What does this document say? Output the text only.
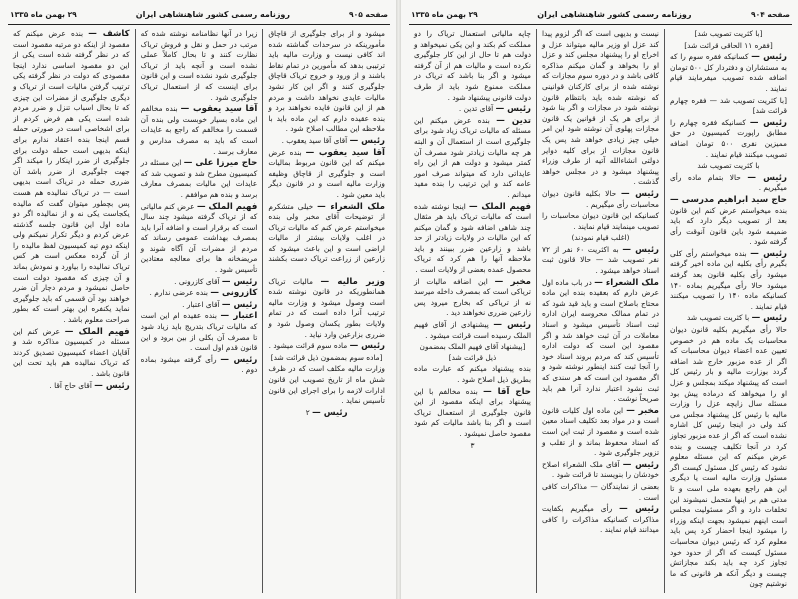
صفحه ۹۰۴
روزنامه رسمی کشور شاهنشاهی ایران
۲۹ بهمن ماه ۱۳۳۵
[با کثریت تصویب شد]
[فقره ۱۱ الحاقی قرائت شد]
رئیس — کسانیکه فقره سوم را که به مستشاران و دفتردار کل ۵۰۰ تومان اضافه شده تصویب میفرمایند قیام نمایند .
[با کثریت تصویب شد — فقره چهارم قرائت شد]
رئیس — کسانیکه فقره چهارم را مطابق راپورت کمیسیون در حق ممیزین نفری ۵۰۰ تومان اضافه تصویب میکنند قیام نمایند .
با کثریت تصویب شد
رئیس — حالا بتمام ماده رأی میگیریم .
حاج سید ابراهیم مدرسی — بنده میخواستم عرض کنم این قانون بعد از تصویب دیگر دارد که باید ضمیمه شود باین قانون آنوقت رأی گرفته شود .
رئیس — بنده میخواستم رأی کلی بگیرم رأی بکلیه این ماده اخیر گرفته میشود رأی بکلیه قانون بعد گرفته میشود حالا رأی میگیریم بماده ۱۴۰ کسانیکه ماده ۱۴۰ را تصویب میکنند قیام نمایند .
رئیس — با کثریت تصویب شد
حالا رأی میگیریم بکلیه قانون دیوان محاسبات یک ماده هم در خصوص تعیین عده اعضاء دیوان محاسبات که اگر از عده مزبور خارج شد اضافه گردد بوزارت مالیه و بار رئیس کل است که پیشنهاد میکند بمجلس و عزل او را میخواهد که درماده پیش بود مسئله سال زایچه عزل را وزارت مالیه با رئیس کل پیشنهاد مجلس می کند ولی در اینجا رئیس کل اشاره نشده است که اگر از عده مزبور تجاوز کرد در آنجا تکلیف چیست و بنده عرض میکنم که این مسئله معلوم نشود که رئیس کل مسئول کیست اگر مسئول وزارت مالیه است یا دیگری این هم راجع بعهده ملی است و تا مدتی هم بر اینها متحمل نمیشوند این تخلفات دارد و اگر مسئولیت مجلس است اینهم نمیشود بجهت اینکه وزراء را میشود اینجا احضار کرد پس باید معلوم کرد که رئیس دیوان محاسبات مسئول کیست که اگر از حدود خود تجاوز کرد چه باید بکند مجازاتش چیست و دیگر آنکه هر قانونی که ما نوشتیم چون
نیست و بدیهی است که اگر لزوم پیدا کند عزل او وزیر مالیه میتواند عزل و اخراج او را پیشنهاد مجلس کند و عزل او را بخواهد و گمان میکنم مذاکره کافی باشد و در دوره سوم مجازات که نوشته شده از برای کارکنان قوانینی که نوشته شده باید بانتظام قانون نوشته شود در مجازات و اگر بنا شود از برای هر یک از قوانین یک قانون مجازات پهلوی آن نوشته شود این امر خیلی چیز زیادی خواهد شد پس یک قانون مجازات از برای کلیه دوایر دولتی انشاءالله آتیه از طرف وزراء پیشنهاد میشود و در مجلس خواهد گذشت .
رئیس — حالا بکلیه قانون دیوان محاسبات رأی میگیریم .
کسانیکه این قانون دیوان محاسبات را تصویب مینمایند قیام نمایند .
(اغلب قیام نمودند)
رئیس — به اکثریت ۶۰ نفر از ۷۲ نفر تصویب شد — حالا قانون ثبت اسناد خواهد میشود .
ملک الشعراء — در باب ماده اول عرض دارم که بعقیده بنده این ماده محتاج باصلاح است و باید قید شود که در تمام ممالک محروسه ایران اداره ثبت اسناد تأسیس میشود و اسناد معاملات در آن ثبت خواهد شد و اگر مقصود این است که دولت اداره تأسیس کند که مردم بروند اسناد خود را آنجا ثبت کنند اینطور نوشته شود و اگر مقصود این است که هر سندی که ثبت نشود اعتبار ندارد آنرا هم باید صریحاً نوشت .
مخبر — این ماده اول کلیات قانون است و در مواد بعد تکلیف اسناد معین شده است و مقصود از ثبت این است که اسناد محفوظ بماند و از تقلب و تزویر جلوگیری شود .
رئیس — آقای ملک الشعراء اصلاح خودشان را بنویسند تا قرائت شود .
بعضی از نمایندگان — مذاکرات کافی است .
رئیس — رأی میگیریم بکفایت مذاکرات کسانیکه مذاکرات را کافی میدانند قیام نمایند .
چاپه مالیاتی استعمال تریاک را دو مملکت کم بکند و این یکی نمیخواهد و دولت هم تا حال از این کار جلوگیری نکرده است و مالیات هم از آن گرفته میشود و اگر بنا باشد که تریاک در مملکت ممنوع شود باید از طرف دولت قانونی پیشنهاد شود .
رئیس — آقای تدین .
تدین — بنده عرض میکنم این مسئله که مالیات تریاک زیاد شود برای جلوگیری است از استعمال آن و البته هر چه مالیات زیادتر شود مصرف آن کمتر میشود و دولت هم از این راه عایداتی دارد که میتواند صرف امور عامه کند و این ترتیب را بنده مفید میدانم .
فهیم الملک — اینجا نوشته شده است که مالیات تریاک باید هر مثقال چند شاهی اضافه شود و گمان میکنم که این مالیات در ولایات زیادتر از حد باشد و زارعین ضرر ببینند و باید ملاحظه آنها را هم کرد که تریاک محصول عمده بعضی از ولایات است .
مخبر — این اضافه مالیات از تریاکی است که بمصرف داخله میرسد نه از تریاکی که بخارج میرود پس زارعین ضرری نخواهند دید .
رئیس — پیشنهادی از آقای فهیم الملک رسیده است قرائت میشود .
[پیشنهاد آقای فهیم الملک بمضمون ذیل قرائت شد]
بنده پیشنهاد میکنم که عبارت ماده بطریق ذیل اصلاح شود .
حاج آقا — بنده مخالفم با این پیشنهاد برای اینکه مقصود از این قانون جلوگیری از استعمال تریاک است و اگر بنا باشد مالیات کم شود مقصود حاصل نمیشود .
۳
صفحه ۹۰۵
روزنامه رسمی کشور شاهنشاهی ایران
۲۹ بهمن ماه ۱۳۳۵
میشود و از برای جلوگیری از قاچاق مأمورینکه در سرحدات گماشته شده اند کافی نیست و وزارت مالیه باید ترتیبی بدهد که مأمورین در تمام نقاط باشند و از ورود و خروج تریاک قاچاق جلوگیری کنند و اگر این کار نشود مالیات عایدی نخواهد داشت و مردم هم از این قانون فایده نخواهند برد و بنده عقیده دارم که این ماده باید با ملاحظه این مطالب اصلاح شود .
رئیس — آقای آقا سید یعقوب .
آقا سید یعقوب — بنده عرض میکنم که این قانون مربوط بمالیات است و جلوگیری از قاچاق وظیفه وزارت مالیه است و در قانون دیگر باید معین شود .
ملک الشعراء — خیلی متشکرم از توضیحات آقای مخبر ولی بنده میخواستم عرض کنم که مالیات تریاک در اغلب ولایات بیشتر از مالیات اراضی است و این باعث میشود که زارعین از زراعت تریاک دست بکشند .
وزیر مالیه — مالیات تریاک همانطوریکه در قانون نوشته شده است وصول میشود و وزارت مالیه ترتیب آنرا داده است که در تمام ولایات بطور یکسان وصول شود و ضرری بزارعین وارد نیاید .
رئیس — ماده سوم قرائت میشود .
[ماده سوم بمضمون ذیل قرائت شد]
وزارت مالیه مکلف است که در ظرف شش ماه از تاریخ تصویب این قانون ادارات لازمه را برای اجرای این قانون تأسیس نماید .
رئیس — ۲
زیرا در آنها نظامنامه نوشته شده که مرتب در حمل و نقل و فروش تریاک نظارت کنند و تا بحال کاملاً عملی نشده است و آنچه باید از تریاک جلوگیری شود نشده است و این قانون برای اینست که از استعمال تریاک جلوگیری شود .
آقا سید یعقوب — بنده مخالفم این ماده بسیار خوبست ولی بنده آن قسمت را مخالفم که راجع به عایدات است که باید به مصرف مدارس و معارف برسد .
حاج میرزا علی — این مسئله در کمیسیون مطرح شد و تصویب شد که عایدات این مالیات بمصرف معارف برسد و بنده هم موافقم .
فهیم الملک — عرض کنم مالیاتی که از تریاک گرفته میشود چند سال است که برقرار است و اضافه آنرا باید بمصرف بهداشت عمومی رساند که مردم از مضرات آن آگاه شوند و مریضخانه ها برای معالجه معتادین تأسیس شود .
رئیس — آقای کازرونی .
کازرونی — بنده عرضی ندارم .
رئیس — آقای اعتبار .
اعتبار — بنده عقیده ام این است که مالیات تریاک بتدریج باید زیاد شود تا مصرف آن بکلی از بین برود و این قانون قدم اول است .
رئیس — رأی گرفته میشود بماده دوم .
کاشف — بنده عرض میکنم که مقصود از اینکه دو مرتبه مقصود است که در نظر گرفته شده است یکی از این دو مقصود اساسی ندارد اینجا مقصودی که دولت در نظر گرفته یکی ترتیب گرفتن مالیات است از تریاک و دیگری جلوگیری از مضرات این چیزی که تا بحال اسباب تنزل و ضرر مردم شده است یکی هم فرض کردم از برای اشخاصی است در صورتی حمله قسم اینجا بنده اعتقاد ندارم برای اینکه بدیهی است حمله دولت برای جلوگیری از ضرر اینکار را میکند اگر جهت جلوگیری از ضرر باشد آن ضرری حمله در تریاک است بدیهی است — در تریاک نمالیده هم هست پس بچطور میتوان گفت که مالیده یکجاست یکی نه و از نمالیده اگر دو ماده اول این قانون جلسه گذشته عرض کردم و دیگر تکرار نمیکنم ولی اینکه دوم تیه کمیسیون لفظ مالیده را از آن گرده معکس است هر کس تریاک نمالیده را بیاورد و نمودش بماند و آن چیزی که مقصود دولت است حاصل نمیشود و مردم دچار آن ضرر خواهند بود آن قسمی که باید جلوگیری نماید یکنفره این بهتر است که بطور صراحت معلوم باشد .
فهیم الملک — عرض کنم این مسئله در کمیسیون مذاکره شد و آقایان اعضاء کمیسیون تصدیق کردند که تریاک نمالیده هم باید تحت این قانون باشد .
رئیس — آقای حاج آقا .
